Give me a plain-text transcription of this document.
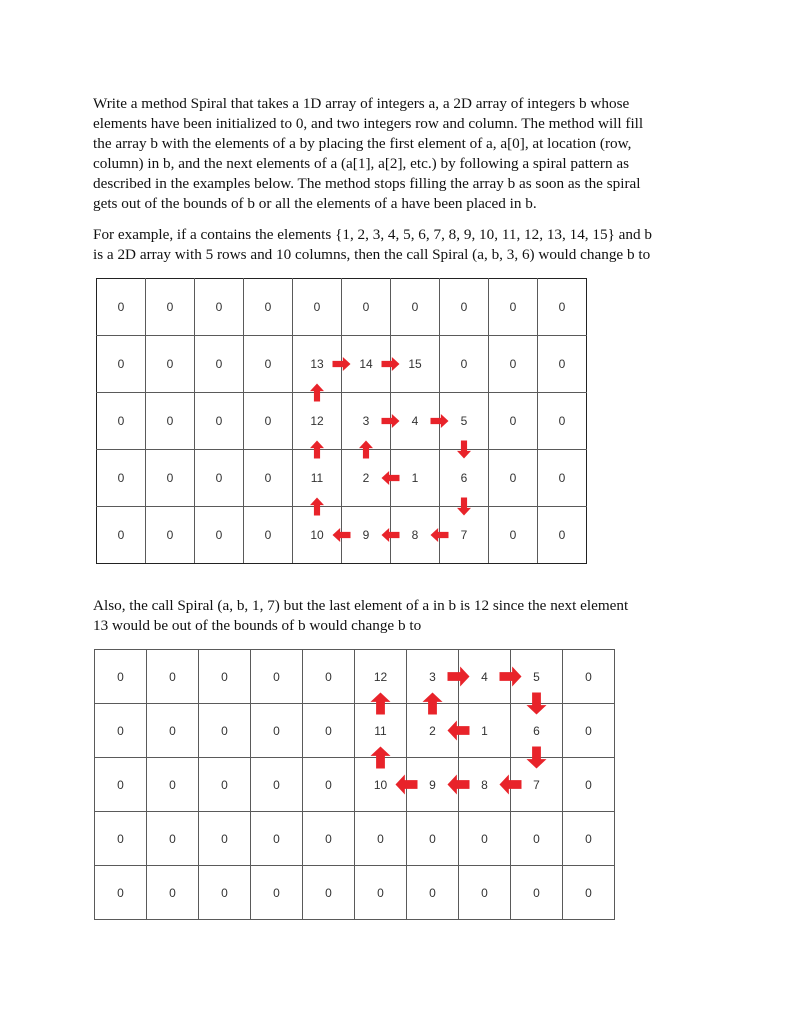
Write a method Spiral that takes a 1D array of integers a, a 2D array of integers b whose
elements have been initialized to 0, and two integers row and column. The method will fill
the array b with the elements of a by placing the first element of a, a[0], at location (row,
column) in b, and the next elements of a (a[1], a[2], etc.) by following a spiral pattern as
described in the examples below. The method stops filling the array b as soon as the spiral
gets out of the bounds of b or all the elements of a have been placed in b.

For example, if a contains the elements {1, 2, 3, 4, 5, 6, 7, 8, 9, 10, 11, 12, 13, 14, 15} and b
is a 2D array with 5 rows and 10 columns, then the call Spiral (a, b, 3, 6) would change b to

0	0	0	0	0	0	0	0	0	0
0	0	0	0	13	14	15	0	0	0
0	0	0	0	12	3	4	5	0	0
0	0	0	0	11	2	1	6	0	0
0	0	0	0	10	9	8	7	0	0

Also, the call Spiral (a, b, 1, 7) but the last element of a in b is 12 since the next element
13 would be out of the bounds of b would change b to

0	0	0	0	0	12	3	4	5	0
0	0	0	0	0	11	2	1	6	0
0	0	0	0	0	10	9	8	7	0
0	0	0	0	0	0	0	0	0	0
0	0	0	0	0	0	0	0	0	0
